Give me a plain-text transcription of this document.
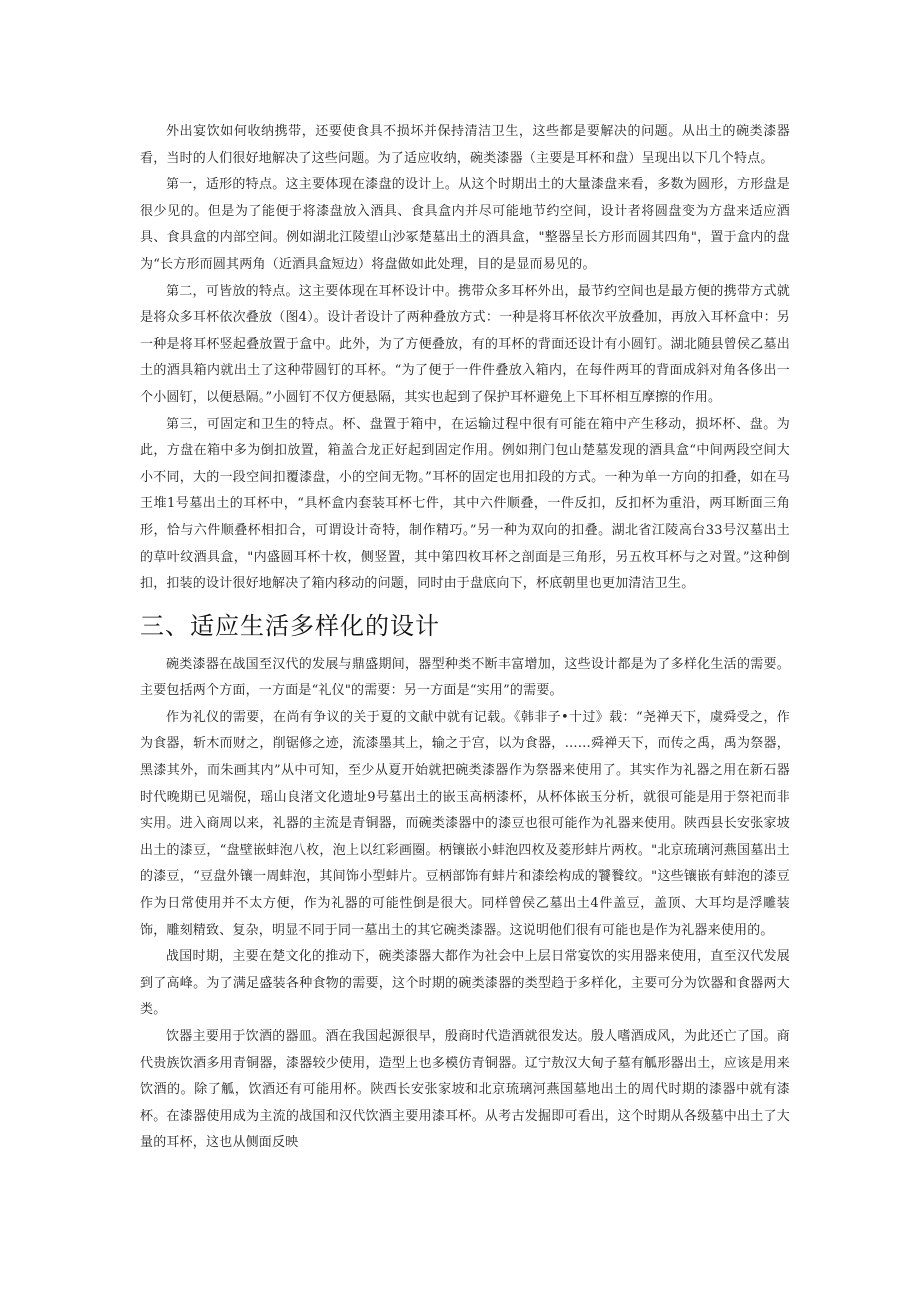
外出宴饮如何收纳携带，还要使食具不损坏并保持清洁卫生，这些都是要解决的问题。从出土的碗类漆器看，当时的人们很好地解决了这些问题。为了适应收纳，碗类漆器（主要是耳杯和盘）呈现出以下几个特点。

第一，适形的特点。这主要体现在漆盘的设计上。从这个时期出土的大量漆盘来看，多数为圆形，方形盘是很少见的。但是为了能便于将漆盘放入酒具、食具盒内并尽可能地节约空间，设计者将圆盘变为方盘来适应酒具、食具盒的内部空间。例如湖北江陵望山沙冢楚墓出土的酒具盒，"整器呈长方形而圆其四角"，置于盒内的盘为“长方形而圆其两角（近酒具盒短边）将盘做如此处理，目的是显而易见的。

第二，可皆放的特点。这主要体现在耳杯设计中。携带众多耳杯外出，最节约空间也是最方便的携带方式就是将众多耳杯依次叠放（图4）。设计者设计了两种叠放方式：一种是将耳杯依次平放叠加，再放入耳杯盒中：另一种是将耳杯竖起叠放置于盒中。此外，为了方便叠放，有的耳杯的背面还设计有小圆钉。湖北随县曾侯乙墓出土的酒具箱内就出土了这种带圆钉的耳杯。“为了便于一件件叠放入箱内，在每件两耳的背面成斜对角各侈出一个小圆钉，以便悬隔。”小圆钉不仅方便悬隔，其实也起到了保护耳杯避免上下耳杯相互摩擦的作用。

第三，可固定和卫生的特点。杯、盘置于箱中，在运输过程中很有可能在箱中产生移动，损坏杯、盘。为此，方盘在箱中多为倒扣放置，箱盖合龙正好起到固定作用。例如荆门包山楚墓发现的酒具盒“中间两段空间大小不同，大的一段空间扣覆漆盘，小的空间无物。”耳杯的固定也用扣段的方式。一种为单一方向的扣叠，如在马王堆1号墓出土的耳杯中，“具杯盒内套装耳杯七件，其中六件顺叠，一件反扣，反扣杯为重沿，两耳断面三角形，恰与六件顺叠杯相扣合，可谓设计奇特，制作精巧。”另一种为双向的扣叠。湖北省江陵高台33号汉墓出土的草叶纹酒具盒，"内盛圆耳杯十枚，侧竖置，其中第四枚耳杯之剖面是三角形，另五枚耳杯与之对置。”这种倒扣，扣装的设计很好地解决了箱内移动的问题，同时由于盘底向下，杯底朝里也更加清洁卫生。

三、适应生活多样化的设计

碗类漆器在战国至汉代的发展与鼎盛期间，器型种类不断丰富增加，这些设计都是为了多样化生活的需要。主要包括两个方面，一方面是“礼仪"的需要：另一方面是“实用”的需要。

作为礼仪的需要，在尚有争议的关于夏的文献中就有记载。《韩非子•十过》载：“尧禅天下，虞舜受之，作为食器，斩木而财之，削锯修之迹，流漆墨其上，输之于宫，以为食器，……舜禅天下，而传之禹，禹为祭器，黑漆其外，而朱画其内”从中可知，至少从夏开始就把碗类漆器作为祭器来使用了。其实作为礼器之用在新石器时代晚期已见端倪，瑶山良渚文化遗址9号墓出土的嵌玉高柄漆杯，从杯体嵌玉分析，就很可能是用于祭祀而非实用。进入商周以来，礼器的主流是青铜器，而碗类漆器中的漆豆也很可能作为礼器来使用。陕西县长安张家坡出土的漆豆，“盘壁嵌蚌泡八枚，泡上以红彩画圈。柄镶嵌小蚌泡四枚及菱形蚌片两枚。"北京琉璃河燕国墓出土的漆豆，“豆盘外镶一周蚌泡，其间饰小型蚌片。豆柄部饰有蚌片和漆绘构成的饕餮纹。"这些镶嵌有蚌泡的漆豆作为日常使用并不太方便，作为礼器的可能性倒是很大。同样曾侯乙墓出土4件盖豆，盖顶、大耳均是浮雕装饰，雕刻精致、复杂，明显不同于同一墓出土的其它碗类漆器。这说明他们很有可能也是作为礼器来使用的。

战国时期，主要在楚文化的推动下，碗类漆器大都作为社会中上层日常宴饮的实用器来使用，直至汉代发展到了高峰。为了满足盛装各种食物的需要，这个时期的碗类漆器的类型趋于多样化，主要可分为饮器和食器两大类。

饮器主要用于饮酒的器皿。酒在我国起源很早，殷商时代造酒就很发达。殷人嗜酒成风，为此还亡了国。商代贵族饮酒多用青铜器，漆器较少使用，造型上也多模仿青铜器。辽宁敖汉大甸子墓有觚形器出土，应该是用来饮酒的。除了觚，饮酒还有可能用杯。陕西长安张家坡和北京琉璃河燕国墓地出土的周代时期的漆器中就有漆杯。在漆器使用成为主流的战国和汉代饮酒主要用漆耳杯。从考古发掘即可看出，这个时期从各级墓中出土了大量的耳杯，这也从侧面反映
